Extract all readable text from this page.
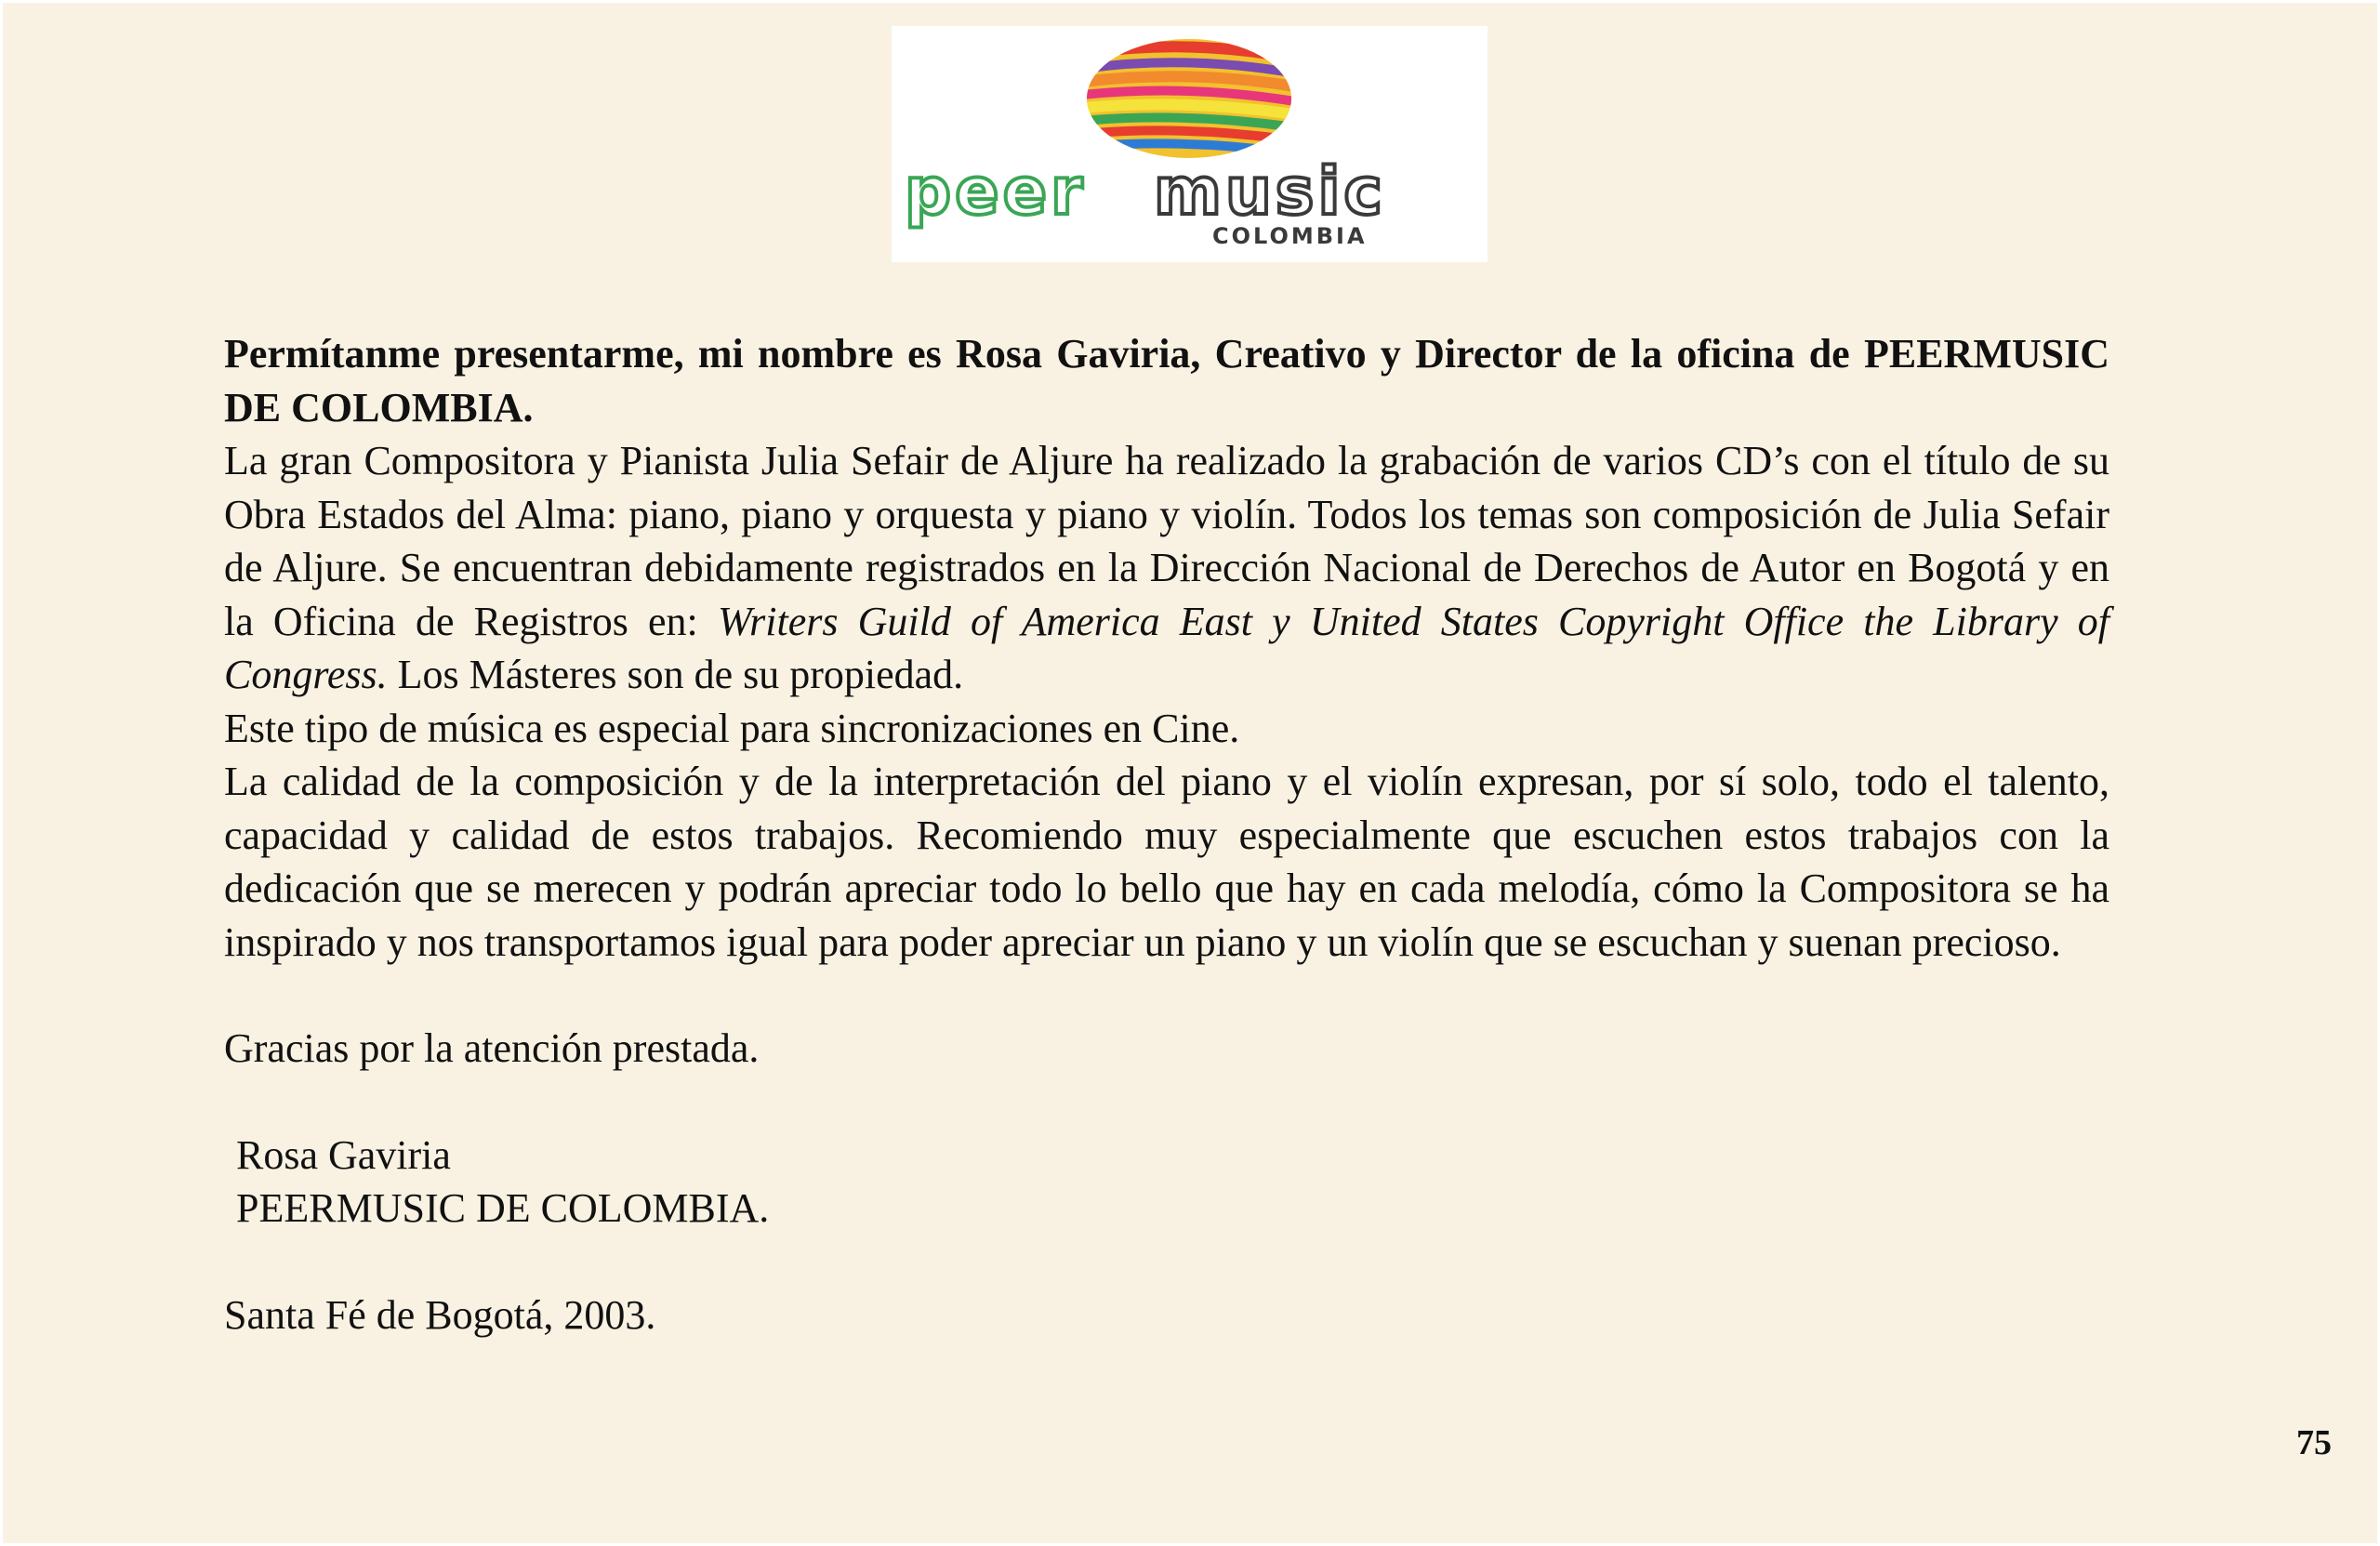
peer music
COLOMBIA

Permítanme presentarme, mi nombre es Rosa Gaviria, Creativo y Director de la oficina de PEERMUSIC DE COLOMBIA.

La gran Compositora y Pianista Julia Sefair de Aljure ha realizado la grabación de varios CD’s con el título de su Obra Estados del Alma: piano, piano y orquesta y piano y violín. Todos los temas son composición de Julia Sefair de Aljure. Se encuentran debidamente registrados en la Dirección Nacional de Derechos de Autor en Bogotá y en la Oficina de Registros en: Writers Guild of America East y United States Copyright Office the Library of Congress. Los Másteres son de su propiedad.

Este tipo de música es especial para sincronizaciones en Cine.

La calidad de la composición y de la interpretación del piano y el violín expresan, por sí solo, todo el talento, capacidad y calidad de estos trabajos. Recomiendo muy especialmente que escuchen estos trabajos con la dedicación que se merecen y podrán apreciar todo lo bello que hay en cada melodía, cómo la Compositora se ha inspirado y nos transportamos igual para poder apreciar un piano y un violín que se escuchan y suenan precioso.

Gracias por la atención prestada.

Rosa Gaviria

PEERMUSIC DE COLOMBIA.

Santa Fé de Bogotá, 2003.

75
